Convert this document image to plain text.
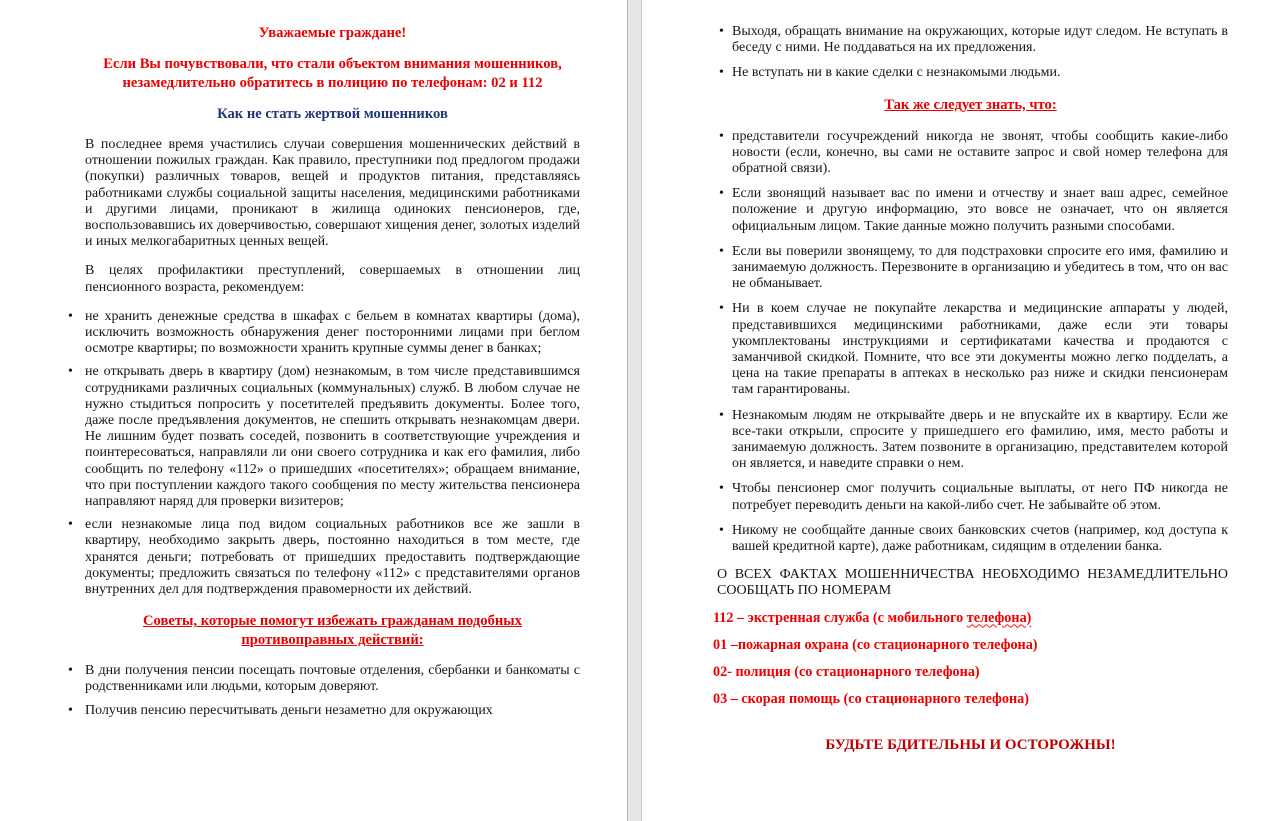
Уважаемые граждане!

Если Вы почувствовали, что стали объектом внимания мошенников, незамедлительно обратитесь в полицию по телефонам: 02 и 112

Как не стать жертвой мошенников

В последнее время участились случаи совершения мошеннических действий в отношении пожилых граждан. Как правило, преступники под предлогом продажи (покупки) различных товаров, вещей и продуктов питания, представляясь работниками службы социальной защиты населения, медицинскими работниками и другими лицами, проникают в жилища одиноких пенсионеров, где, воспользовавшись их доверчивостью, совершают хищения денег, золотых изделий и иных мелкогабаритных ценных вещей.

В целях профилактики преступлений, совершаемых в отношении лиц пенсионного возраста, рекомендуем:

• не хранить денежные средства в шкафах с бельем в комнатах квартиры (дома), исключить возможность обнаружения денег посторонними лицами при беглом осмотре квартиры; по возможности хранить крупные суммы денег в банках;
• не открывать дверь в квартиру (дом) незнакомым, в том числе представившимся сотрудниками различных социальных (коммунальных) служб. В любом случае не нужно стыдиться попросить у посетителей предъявить документы. Более того, даже после предъявления документов, не спешить открывать незнакомцам двери. Не лишним будет позвать соседей, позвонить в соответствующие учреждения и поинтересоваться, направляли ли они своего сотрудника и как его фамилия, либо сообщить по телефону «112» о пришедших «посетителях»; обращаем внимание, что при поступлении каждого такого сообщения по месту жительства пенсионера направляют наряд для проверки визитеров;
• если незнакомые лица под видом социальных работников все же зашли в квартиру, необходимо закрыть дверь, постоянно находиться в том месте, где хранятся деньги; потребовать от пришедших предоставить подтверждающие документы; предложить связаться по телефону «112» с представителями органов внутренних дел для подтверждения правомерности их действий.

Советы, которые помогут избежать гражданам подобных противоправных действий:

• В дни получения пенсии посещать почтовые отделения, сбербанки и банкоматы с родственниками или людьми, которым доверяют.
• Получив пенсию пересчитывать деньги незаметно для окружающих
• Выходя, обращать внимание на окружающих, которые идут следом. Не вступать в беседу с ними. Не поддаваться на их предложения.
• Не вступать ни в какие сделки с незнакомыми людьми.

Так же следует знать, что:

• представители госучреждений никогда не звонят, чтобы сообщить какие-либо новости (если, конечно, вы сами не оставите запрос и свой номер телефона для обратной связи).
• Если звонящий называет вас по имени и отчеству и знает ваш адрес, семейное положение и другую информацию, это вовсе не означает, что он является официальным лицом. Такие данные можно получить разными способами.
• Если вы поверили звонящему, то для подстраховки спросите его имя, фамилию и занимаемую должность. Перезвоните в организацию и убедитесь в том, что он вас не обманывает.
• Ни в коем случае не покупайте лекарства и медицинские аппараты у людей, представившихся медицинскими работниками, даже если эти товары укомплектованы инструкциями и сертификатами качества и продаются с заманчивой скидкой. Помните, что все эти документы можно легко подделать, а цена на такие препараты в аптеках в несколько раз ниже и скидки пенсионерам там гарантированы.
• Незнакомым людям не открывайте дверь и не впускайте их в квартиру. Если же все-таки открыли, спросите у пришедшего его фамилию, имя, место работы и занимаемую должность. Затем позвоните в организацию, представителем которой он является, и наведите справки о нем.
• Чтобы пенсионер смог получить социальные выплаты, от него ПФ никогда не потребует переводить деньги на какой-либо счет. Не забывайте об этом.
• Никому не сообщайте данные своих банковских счетов (например, код доступа к вашей кредитной карте), даже работникам, сидящим в отделении банка.

О ВСЕХ ФАКТАХ МОШЕННИЧЕСТВА НЕОБХОДИМО НЕЗАМЕДЛИТЕЛЬНО СООБЩАТЬ ПО НОМЕРАМ

112 – экстренная служба (с мобильного телефона)

01 –пожарная охрана (со стационарного телефона)

02- полиция (со стационарного телефона)

03 – скорая помощь (со стационарного телефона)

БУДЬТЕ БДИТЕЛЬНЫ И ОСТОРОЖНЫ!
